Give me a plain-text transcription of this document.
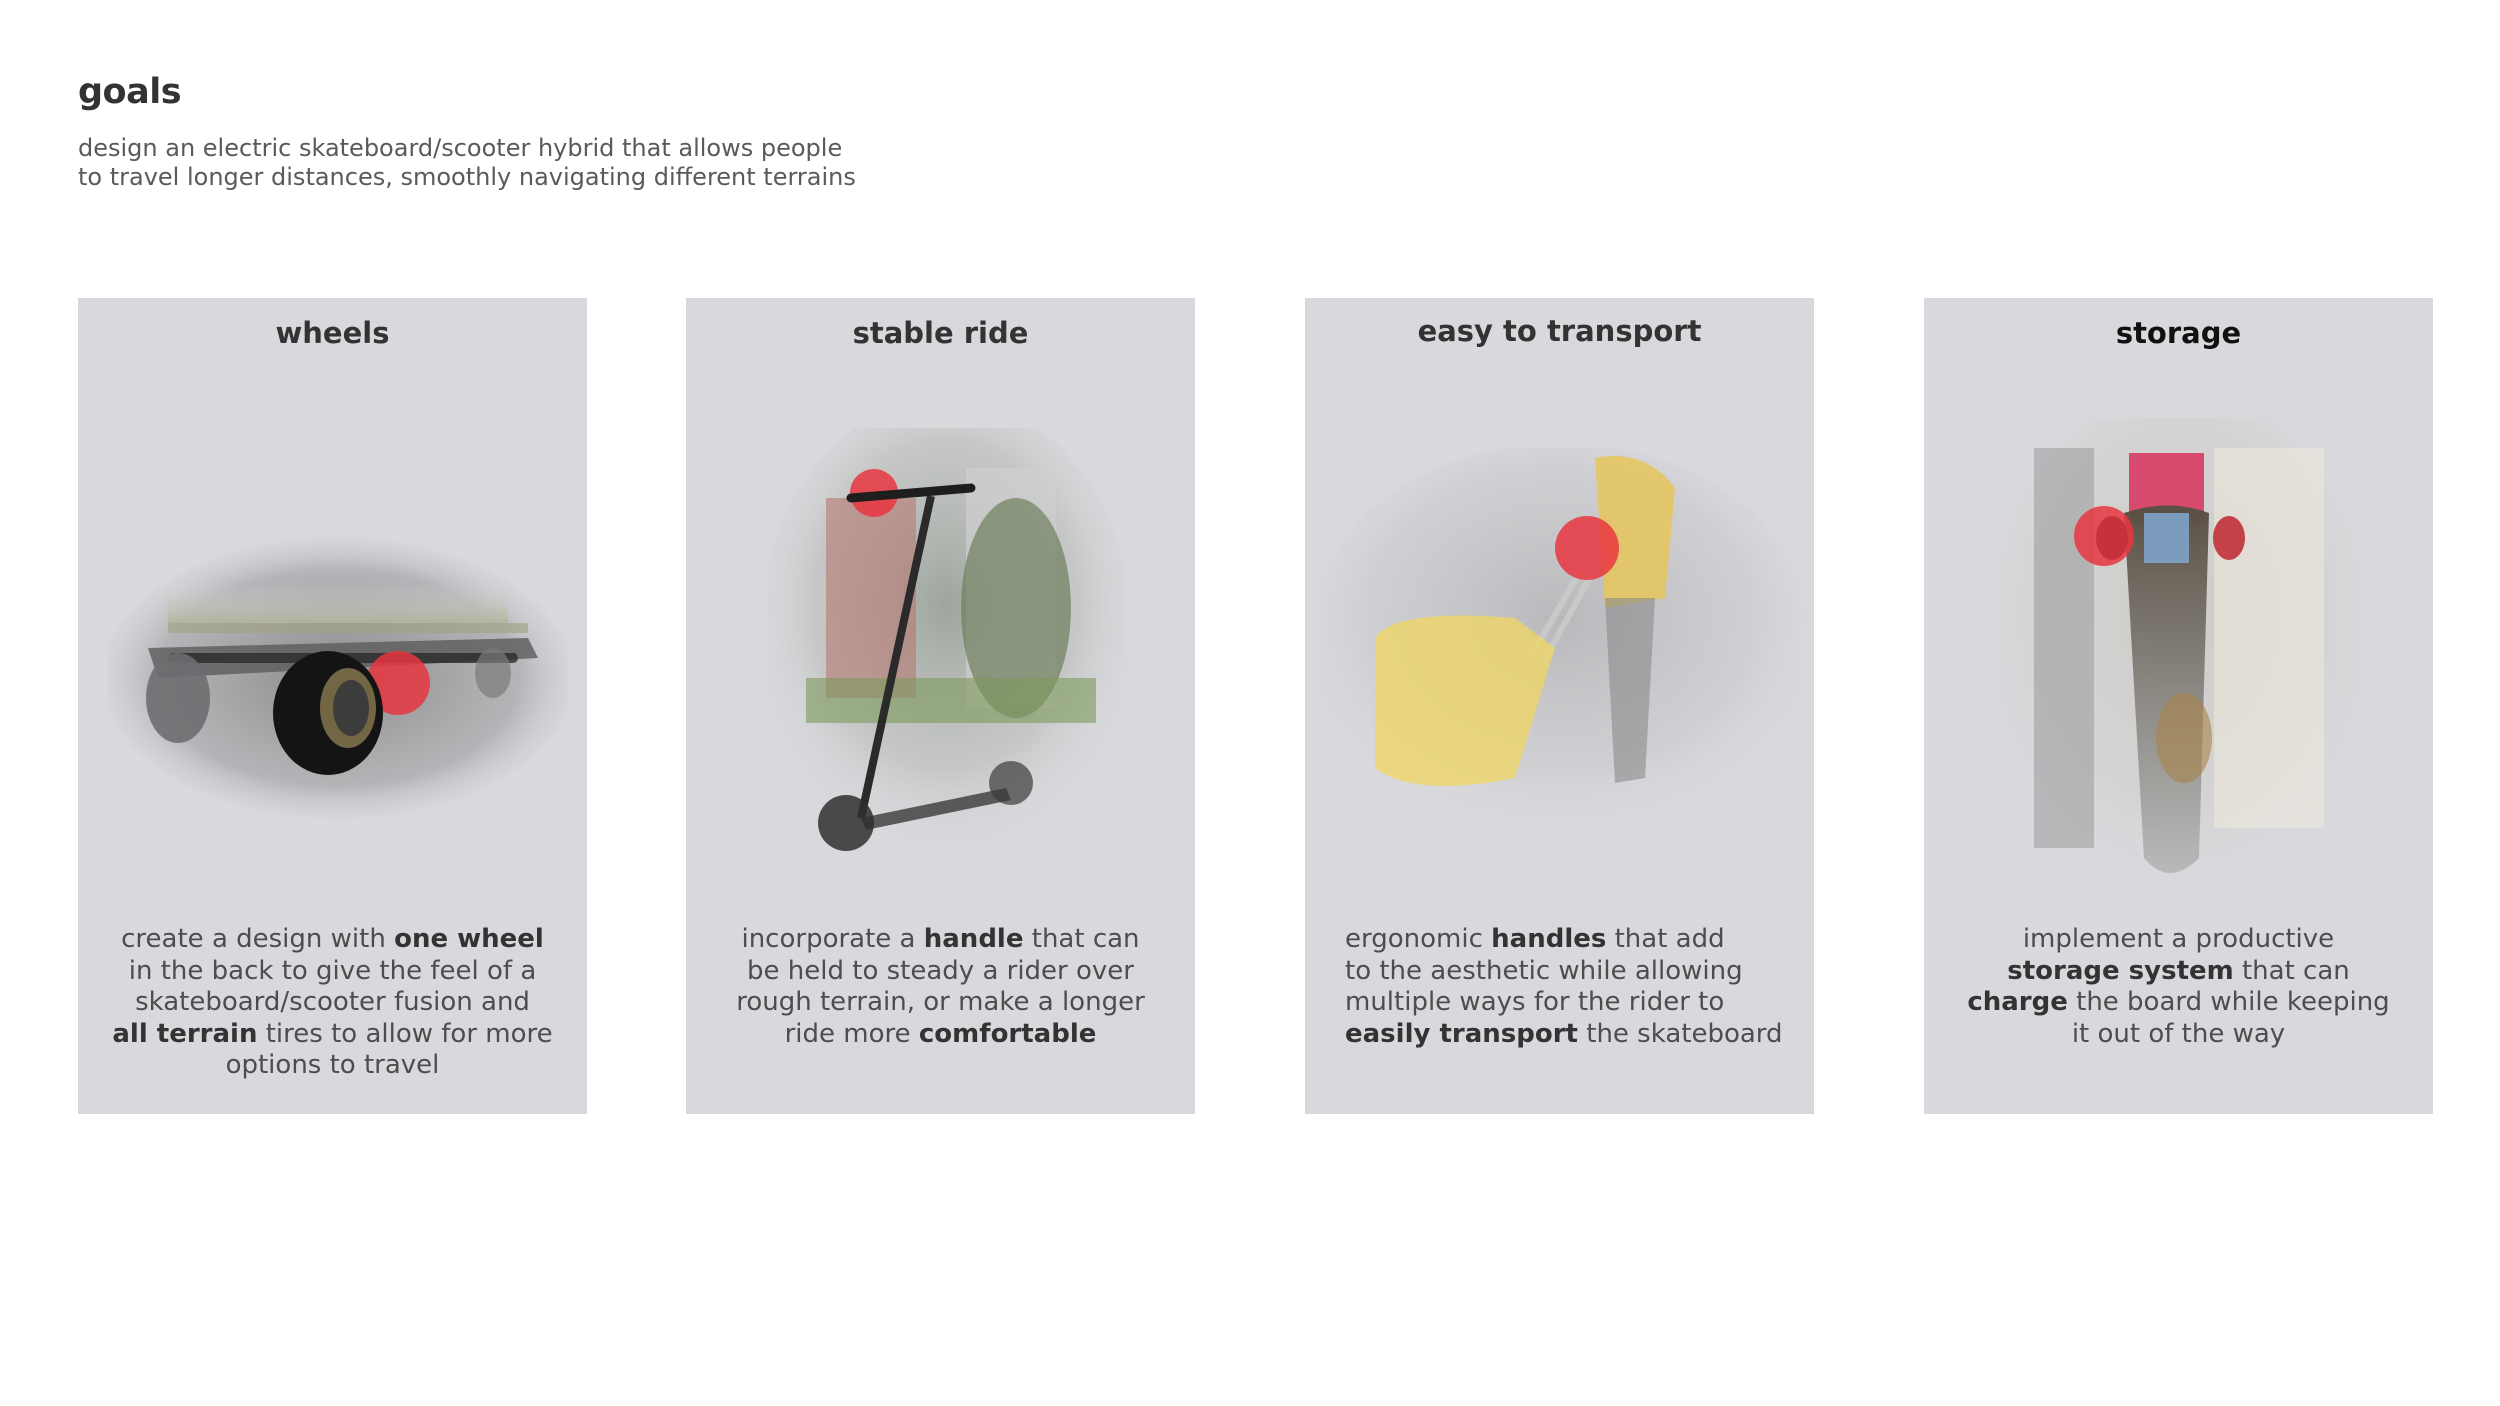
goals

design an electric skateboard/scooter hybrid that allows people
to travel longer distances, smoothly navigating different terrains

wheels

create a design with one wheel
in the back to give the feel of a
skateboard/scooter fusion and
all terrain tires to allow for more
options to travel

stable ride

incorporate a handle that can
be held to steady a rider over
rough terrain, or make a longer
ride more comfortable

easy to transport

ergonomic handles that add
to the aesthetic while allowing
multiple ways for the rider to
easily transport the skateboard

storage

implement a productive
storage system that can
charge the board while keeping
it out of the way
